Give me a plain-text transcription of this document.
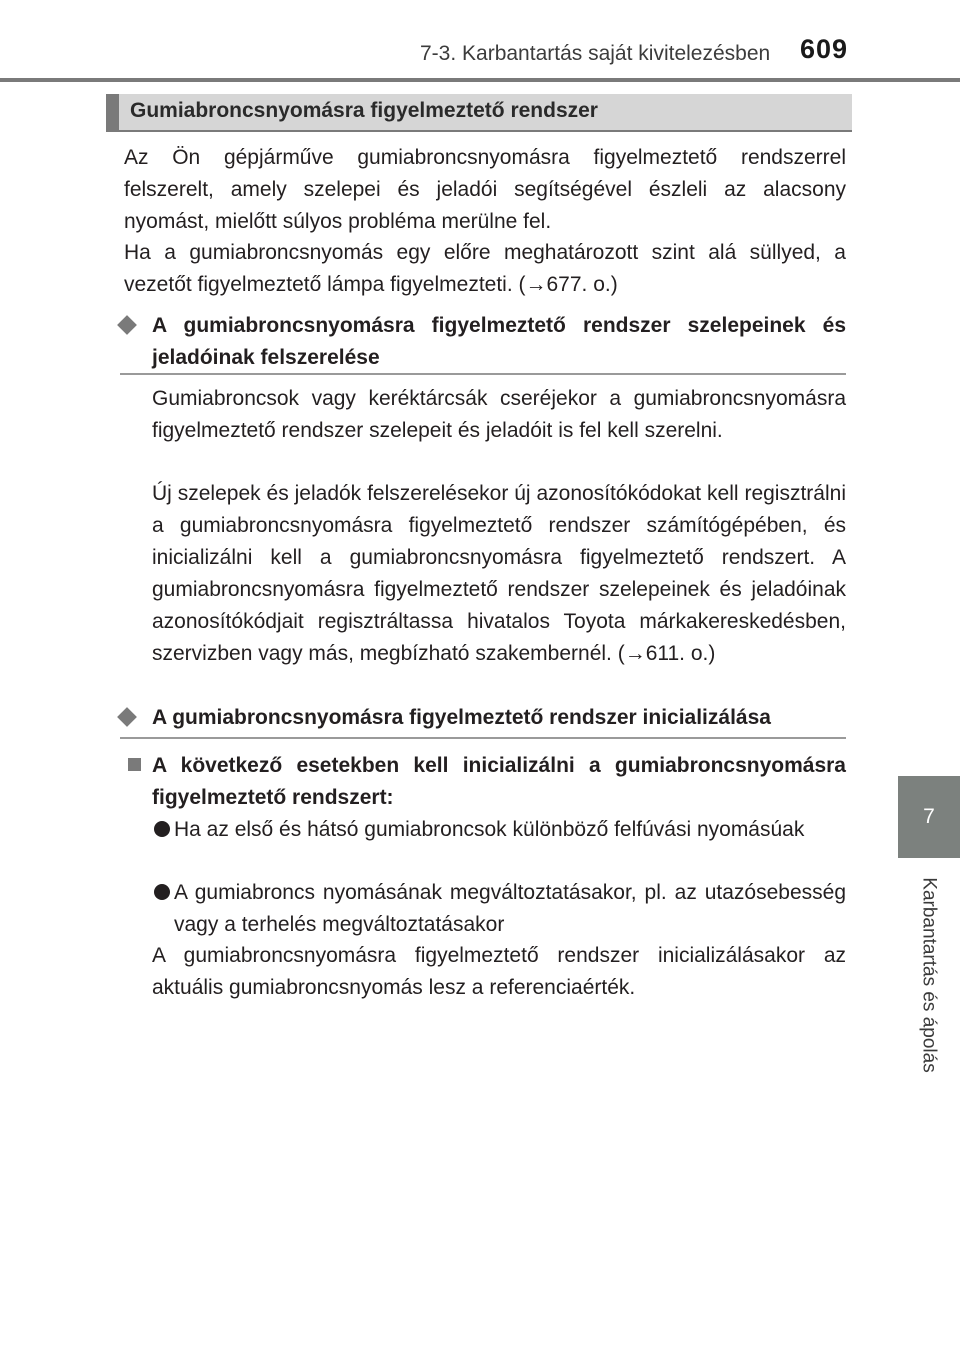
7-3. Karbantartás saját kivitelezésben	609
7
Karbantartás és ápolás
Gumiabroncsnyomásra figyelmeztető rendszer

Az Ön gépjárműve gumiabroncsnyomásra figyelmeztető rendszerrel felszerelt, amely szelepei és jeladói segítségével észleli az alacsony nyomást, mielőtt súlyos probléma merülne fel.

Ha a gumiabroncsnyomás egy előre meghatározott szint alá süllyed, a vezetőt figyelmeztető lámpa figyelmezteti. (→677. o.)

A gumiabroncsnyomásra figyelmeztető rendszer szelepeinek és jeladóinak felszerelése

Gumiabroncsok vagy keréktárcsák cseréjekor a gumiabroncsnyomásra figyelmeztető rendszer szelepeit és jeladóit is fel kell szerelni.

Új szelepek és jeladók felszerelésekor új azonosítókódokat kell regisztrálni a gumiabroncsnyomásra figyelmeztető rendszer számítógépében, és inicializálni kell a gumiabroncsnyomásra figyelmeztető rendszert. A gumiabroncsnyomásra figyelmeztető rendszer szelepeinek és jeladóinak azonosítókódjait regisztráltassa hivatalos Toyota márkakereskedésben, szervizben vagy más, megbízható szakembernél. (→611. o.)

A gumiabroncsnyomásra figyelmeztető rendszer inicializálása
A következő esetekben kell inicializálni a gumiabroncsnyomásra figyelmeztető rendszert:
Ha az első és hátsó gumiabroncsok különböző felfúvási nyomásúak
A gumiabroncs nyomásának megváltoztatásakor, pl. az utazósebesség vagy a terhelés megváltoztatásakor

A gumiabroncsnyomásra figyelmeztető rendszer inicializálásakor az aktuális gumiabroncsnyomás lesz a referenciaérték.
